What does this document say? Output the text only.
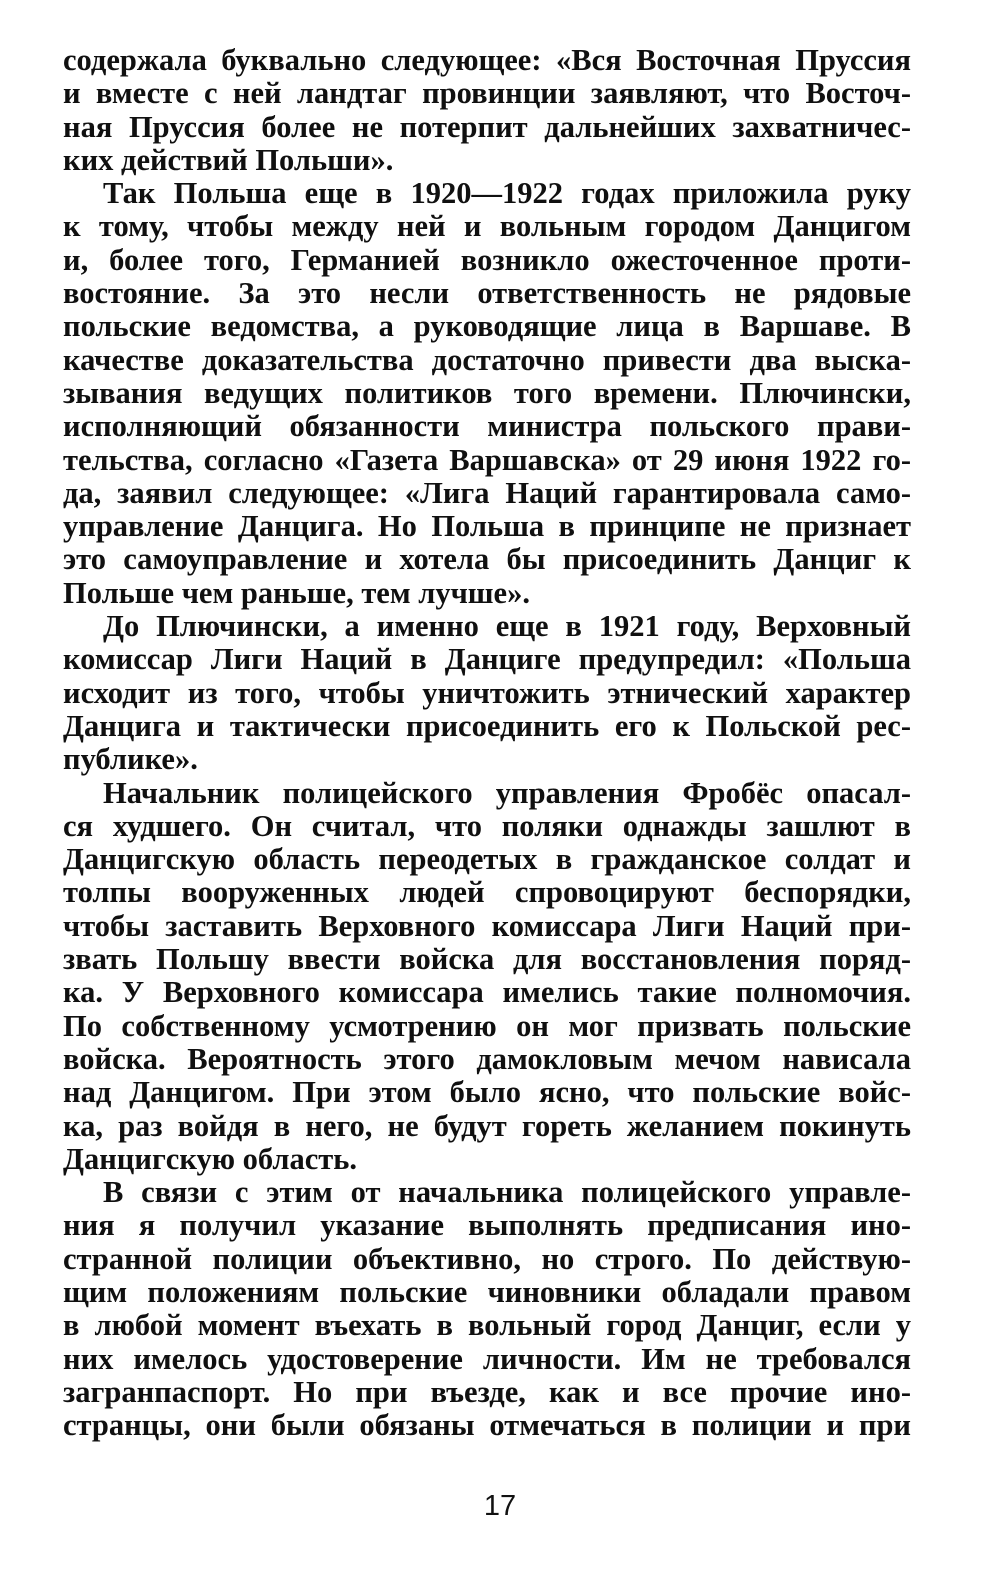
содержала буквально следующее: «Вся Восточная Пруссия
и вместе с ней ландтаг провинции заявляют, что Восточ-
ная Пруссия более не потерпит дальнейших захватничес-
ких действий Польши».
Так Польша еще в 1920—1922 годах приложила руку
к тому, чтобы между ней и вольным городом Данцигом
и, более того, Германией возникло ожесточенное проти-
востояние. За это несли ответственность не рядовые
польские ведомства, а руководящие лица в Варшаве. В
качестве доказательства достаточно привести два выска-
зывания ведущих политиков того времени. Плючински,
исполняющий обязанности министра польского прави-
тельства, согласно «Газета Варшавска» от 29 июня 1922 го-
да, заявил следующее: «Лига Наций гарантировала само-
управление Данцига. Но Польша в принципе не признает
это самоуправление и хотела бы присоединить Данциг к
Польше чем раньше, тем лучше».
До Плючински, а именно еще в 1921 году, Верховный
комиссар Лиги Наций в Данциге предупредил: «Польша
исходит из того, чтобы уничтожить этнический характер
Данцига и тактически присоединить его к Польской рес-
публике».
Начальник полицейского управления Фробёс опасал-
ся худшего. Он считал, что поляки однажды зашлют в
Данцигскую область переодетых в гражданское солдат и
толпы вооруженных людей спровоцируют беспорядки,
чтобы заставить Верховного комиссара Лиги Наций при-
звать Польшу ввести войска для восстановления поряд-
ка. У Верховного комиссара имелись такие полномочия.
По собственному усмотрению он мог призвать польские
войска. Вероятность этого дамокловым мечом нависала
над Данцигом. При этом было ясно, что польские войс-
ка, раз войдя в него, не будут гореть желанием покинуть
Данцигскую область.
В связи с этим от начальника полицейского управле-
ния я получил указание выполнять предписания ино-
странной полиции объективно, но строго. По действую-
щим положениям польские чиновники обладали правом
в любой момент въехать в вольный город Данциг, если у
них имелось удостоверение личности. Им не требовался
загранпаспорт. Но при въезде, как и все прочие ино-
странцы, они были обязаны отмечаться в полиции и при
17
